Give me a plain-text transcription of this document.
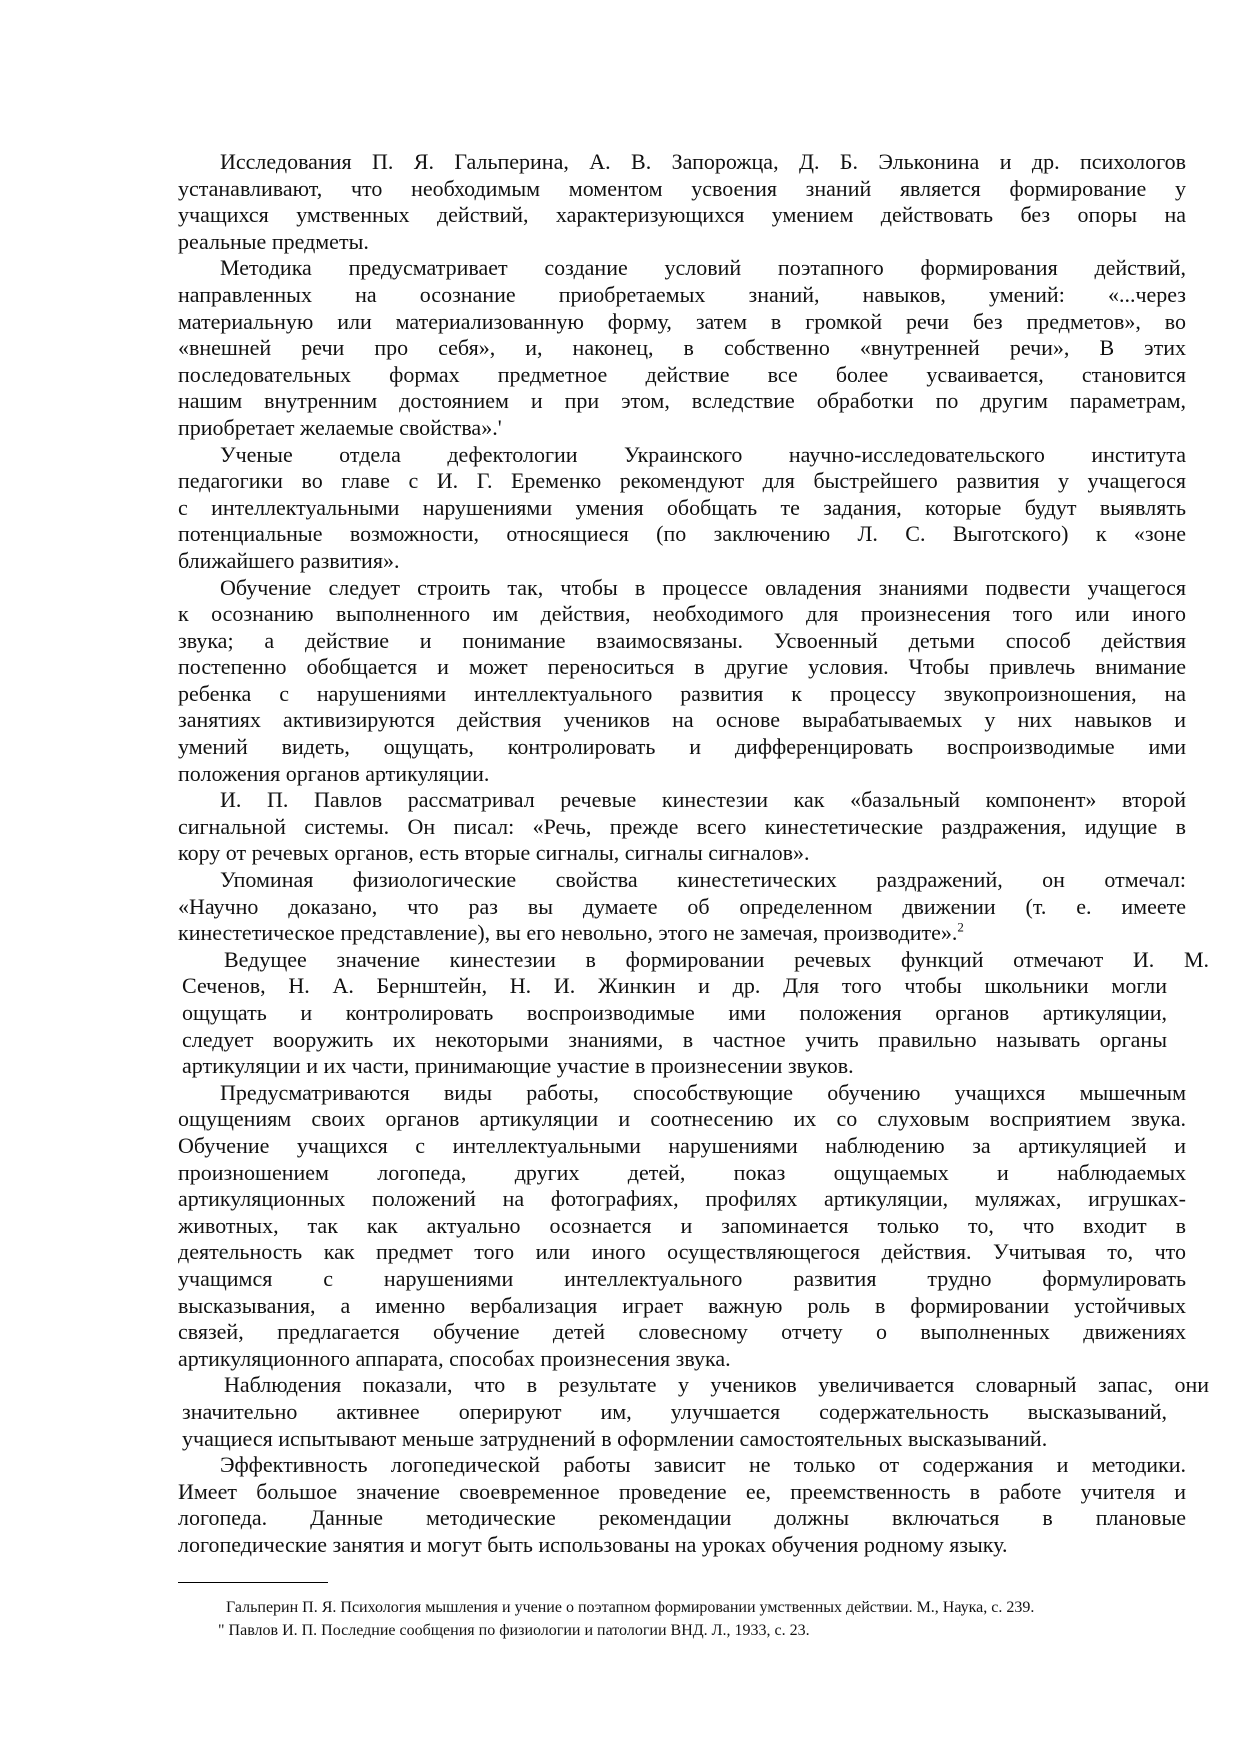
Исследования П. Я. Гальперина, А. В. Запорожца, Д. Б. Эльконина и др. психологов
устанавливают, что необходимым моментом усвоения знаний является формирование у
учащихся умственных действий, характеризующихся умением действовать без опоры на
реальные предметы.
Методика предусматривает создание условий поэтапного формирования действий,
направленных на осознание приобретаемых знаний, навыков, умений: «...через
материальную или материализованную форму, затем в громкой речи без предметов», во
«внешней речи про себя», и, наконец, в собственно «внутренней речи», В этих
последовательных формах предметное действие все более усваивается, становится
нашим внутренним достоянием и при этом, вследствие обработки по другим параметрам,
приобретает желаемые свойства».'
Ученые отдела дефектологии Украинского научно-исследовательского института
педагогики во главе с И. Г. Еременко рекомендуют для быстрейшего развития у учащегося
с интеллектуальными нарушениями умения обобщать те задания, которые будут выявлять
потенциальные возможности, относящиеся (по заключению Л. С. Выготского) к «зоне
ближайшего развития».
Обучение следует строить так, чтобы в процессе овладения знаниями подвести учащегося
к осознанию выполненного им действия, необходимого для произнесения того или иного
звука; а действие и понимание взаимосвязаны. Усвоенный детьми способ действия
постепенно обобщается и может переноситься в другие условия. Чтобы привлечь внимание
ребенка с нарушениями интеллектуального развития к процессу звукопроизношения, на
занятиях активизируются действия учеников на основе вырабатываемых у них навыков и
умений видеть, ощущать, контролировать и дифференцировать воспроизводимые ими
положения органов артикуляции.
И. П. Павлов рассматривал речевые кинестезии как «базальный компонент» второй
сигнальной системы. Он писал: «Речь, прежде всего кинестетические раздражения, идущие в
кору от речевых органов, есть вторые сигналы, сигналы сигналов».
Упоминая физиологические свойства кинестетических раздражений, он отмечал:
«Научно доказано, что раз вы думаете об определенном движении (т. е. имеете
кинестетическое представление), вы его невольно, этого не замечая, производите».$^2$
Ведущее значение кинестезии в формировании речевых функций отмечают И. М.
Сеченов, Н. А. Бернштейн, Н. И. Жинкин и др. Для того чтобы школьники могли
ощущать и контролировать воспроизводимые ими положения органов артикуляции,
следует вооружить их некоторыми знаниями, в частное учить правильно называть органы
артикуляции и их части, принимающие участие в произнесении звуков.
Предусматриваются виды работы, способствующие обучению учащихся мышечным
ощущениям своих органов артикуляции и соотнесению их со слуховым восприятием звука.
Обучение учащихся с интеллектуальными нарушениями наблюдению за артикуляцией и
произношением логопеда, других детей, показ ощущаемых и наблюдаемых
артикуляционных положений на фотографиях, профилях артикуляции, муляжах, игрушках-
животных, так как актуально осознается и запоминается только то, что входит в
деятельность как предмет того или иного осуществляющегося действия. Учитывая то, что
учащимся с нарушениями интеллектуального развития трудно формулировать
высказывания, а именно вербализация играет важную роль в формировании устойчивых
связей, предлагается обучение детей словесному отчету о выполненных движениях
артикуляционного аппарата, способах произнесения звука.
Наблюдения показали, что в результате у учеников увеличивается словарный запас, они
значительно активнее оперируют им, улучшается содержательность высказываний,
учащиеся испытывают меньше затруднений в оформлении самостоятельных высказываний.
Эффективность логопедической работы зависит не только от содержания и методики.
Имеет большое значение своевременное проведение ее, преемственность в работе учителя и
логопеда. Данные методические рекомендации должны включаться в плановые
логопедические занятия и могут быть использованы на уроках обучения родному языку.
Гальперин П. Я. Психология мышления и учение о поэтапном формировании умственных действии. М., Наука, с. 239.
" Павлов И. П. Последние сообщения по физиологии и патологии ВНД. Л., 1933, с. 23.
